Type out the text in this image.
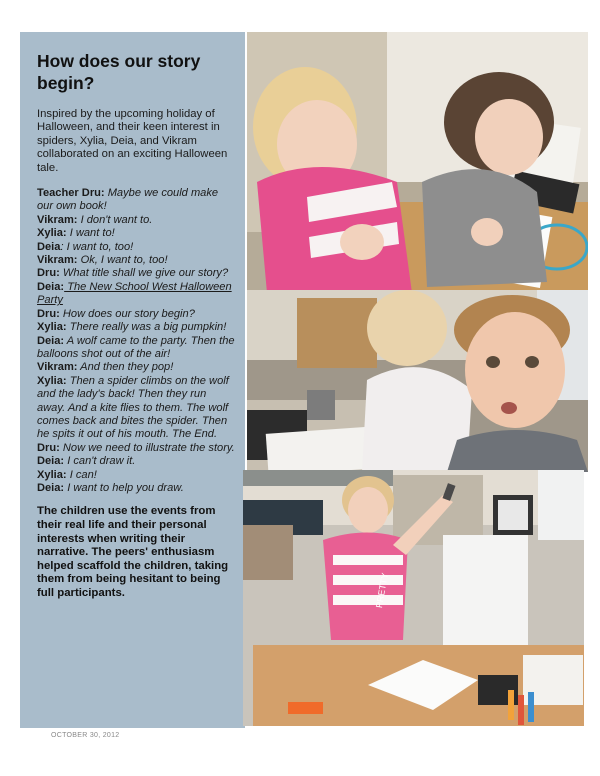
How does our story begin?

Inspired by the upcoming holiday of Halloween, and their keen interest in spiders, Xylia, Deia, and Vikram collaborated on an exciting Halloween tale.

Teacher Dru: Maybe we could make our own book!
Vikram: I don't want to.
Xylia: I want to!
Deia: I want to, too!
Vikram: Ok, I want to, too!
Dru: What title shall we give our story?
Deia: The New School West Halloween Party
Dru: How does our story begin?
Xylia: There really was a big pumpkin!
Deia: A wolf came to the party. Then the balloons shot out of the air!
Vikram: And then they pop!
Xylia: Then a spider climbs on the wolf and the lady's back! Then they run away. And a kite flies to them. The wolf comes back and bites the spider. Then he spits it out of his mouth. The End.
Dru: Now we need to illustrate the story.
Deia: I can't draw it.
Xylia: I can!
Deia: I want to help you draw.

The children use the events from their real life and their personal interests when writing their narrative. The peers' enthusiasm helped scaffold the children, taking them from being hesitant to being full participants.	PRETTY
OCTOBER 30, 2012
